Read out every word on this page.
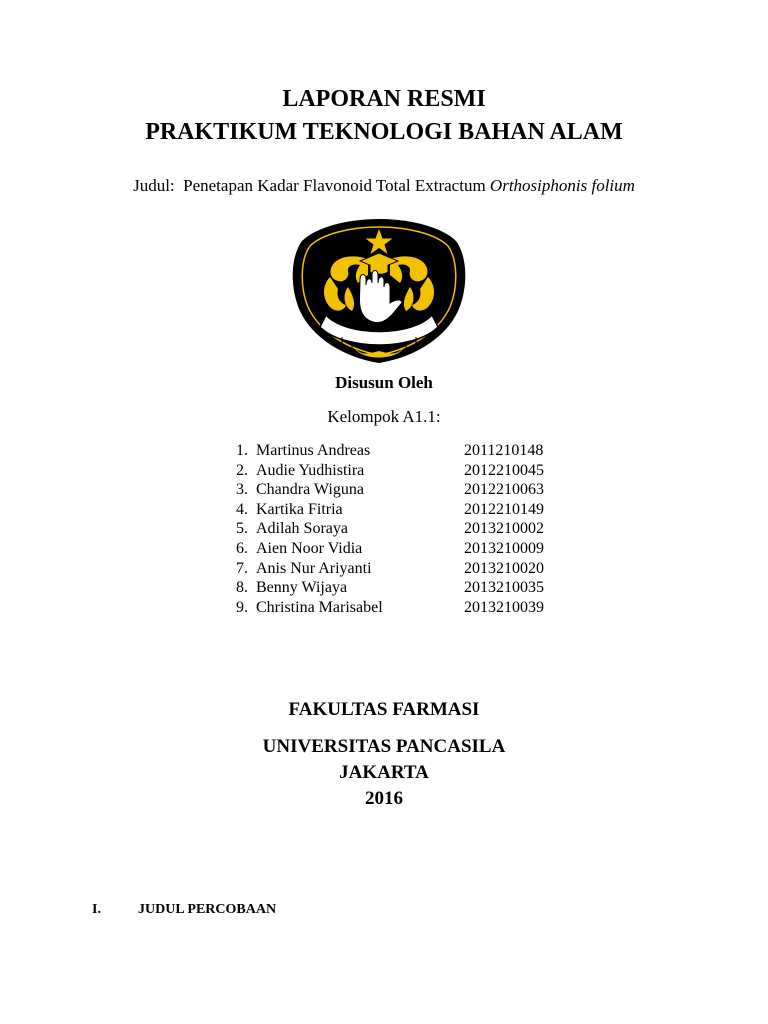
LAPORAN RESMI
PRAKTIKUM TEKNOLOGI BAHAN ALAM
Judul: Penetapan Kadar Flavonoid Total Extractum Orthosiphonis folium
Disusun Oleh
Kelompok A1.1:
1. Martinus Andreas	2011210148
2. Audie Yudhistira	2012210045
3. Chandra Wiguna	2012210063
4. Kartika Fitria	2012210149
5. Adilah Soraya	2013210002
6. Aien Noor Vidia	2013210009
7. Anis Nur Ariyanti	2013210020
8. Benny Wijaya	2013210035
9. Christina Marisabel	2013210039
FAKULTAS FARMASI
UNIVERSITAS PANCASILA
JAKARTA
2016
I.	JUDUL PERCOBAAN
